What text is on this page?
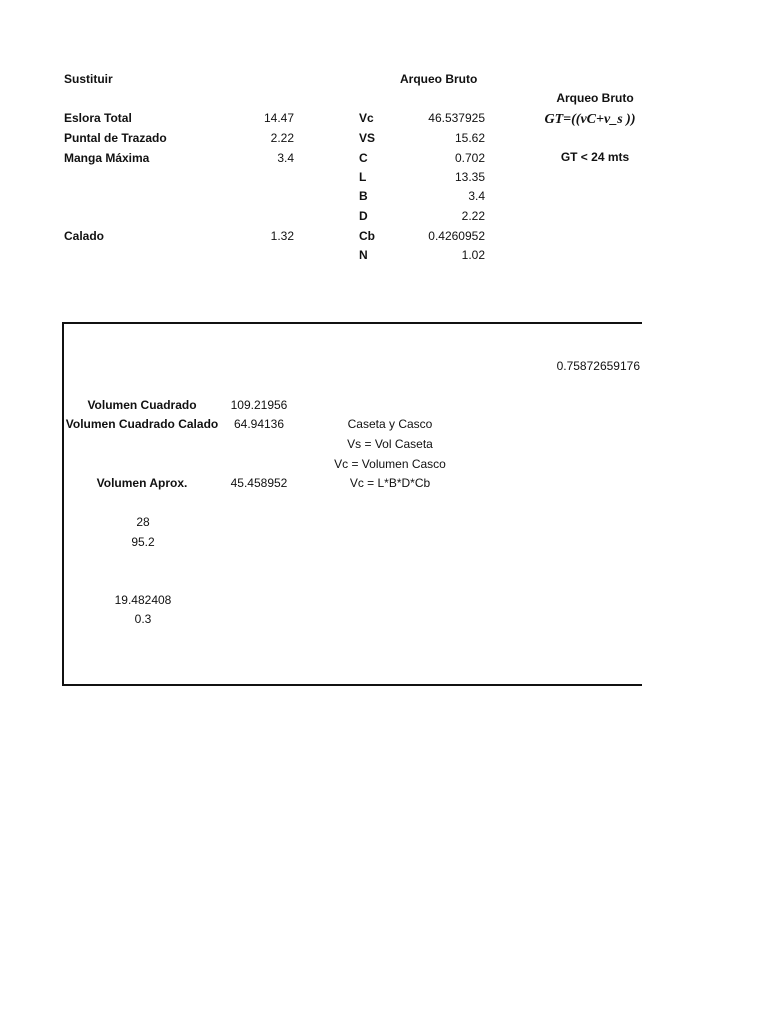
Sustituir	Arqueo Bruto
Eslora Total	14.47
Puntal de Trazado	2.22
Manga Máxima	3.4
Calado	1.32
Vc	46.537925
VS	15.62
C	0.702
L	13.35
B	3.4
D	2.22
Cb	0.4260952
N	1.02
Arqueo Bruto
GT=((vC+v_s ))
GT < 24 mts
0.75872659176
Volumen Cuadrado	109.21956
Volumen Cuadrado Calado	64.94136	Caseta y Casco
Vs = Vol Caseta
Vc = Volumen Casco
Vc = L*B*D*Cb
Volumen Aprox.	45.458952
28
95.2
19.482408
0.3
